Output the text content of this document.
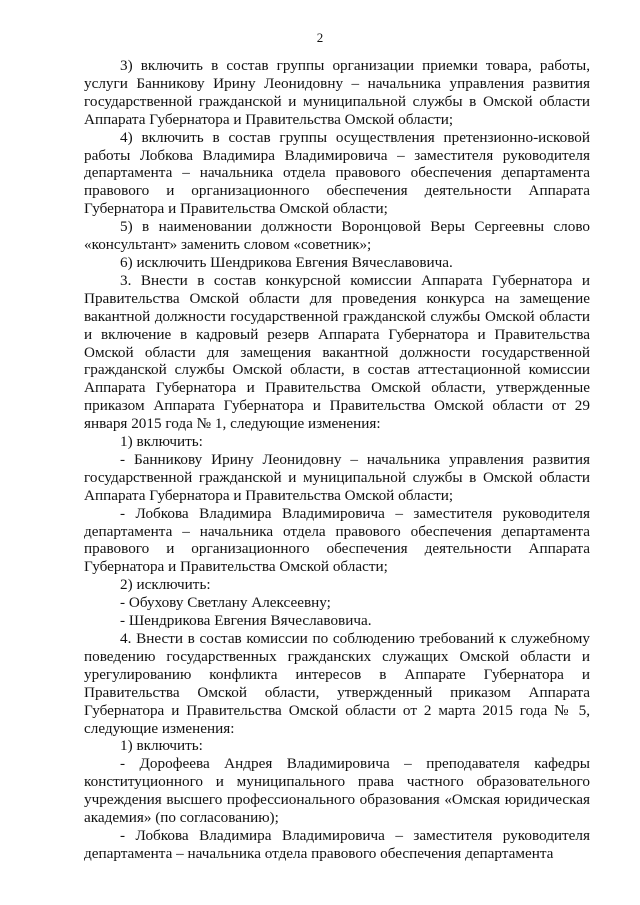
2

3) включить в состав группы организации приемки товара, работы, услуги Банникову Ирину Леонидовну – начальника управления развития государственной гражданской и муниципальной службы в Омской области Аппарата Губернатора и Правительства Омской области;

4) включить в состав группы осуществления претензионно-исковой работы Лобкова Владимира Владимировича – заместителя руководителя департамента – начальника отдела правового обеспечения департамента правового и организационного обеспечения деятельности Аппарата Губернатора и Правительства Омской области;

5) в наименовании должности Воронцовой Веры Сергеевны слово «консультант» заменить словом «советник»;

6) исключить Шендрикова Евгения Вячеславовича.

3. Внести в состав конкурсной комиссии Аппарата Губернатора и Правительства Омской области для проведения конкурса на замещение вакантной должности государственной гражданской службы Омской области и включение в кадровый резерв Аппарата Губернатора и Правительства Омской области для замещения вакантной должности государственной гражданской службы Омской области, в состав аттестационной комиссии Аппарата Губернатора и Правительства Омской области, утвержденные приказом Аппарата Губернатора и Правительства Омской области от 29 января 2015 года № 1, следующие изменения:

1) включить:

- Банникову Ирину Леонидовну – начальника управления развития государственной гражданской и муниципальной службы в Омской области Аппарата Губернатора и Правительства Омской области;

- Лобкова Владимира Владимировича – заместителя руководителя департамента – начальника отдела правового обеспечения департамента правового и организационного обеспечения деятельности Аппарата Губернатора и Правительства Омской области;

2) исключить:

- Обухову Светлану Алексеевну;

- Шендрикова Евгения Вячеславовича.

4. Внести в состав комиссии по соблюдению требований к служебному поведению государственных гражданских служащих Омской области и урегулированию конфликта интересов в Аппарате Губернатора и Правительства Омской области, утвержденный приказом Аппарата Губернатора и Правительства Омской области от 2 марта 2015 года № 5, следующие изменения:

1) включить:

- Дорофеева Андрея Владимировича – преподавателя кафедры конституционного и муниципального права частного образовательного учреждения высшего профессионального образования «Омская юридическая академия» (по согласованию);

- Лобкова Владимира Владимировича – заместителя руководителя департамента – начальника отдела правового обеспечения департамента
